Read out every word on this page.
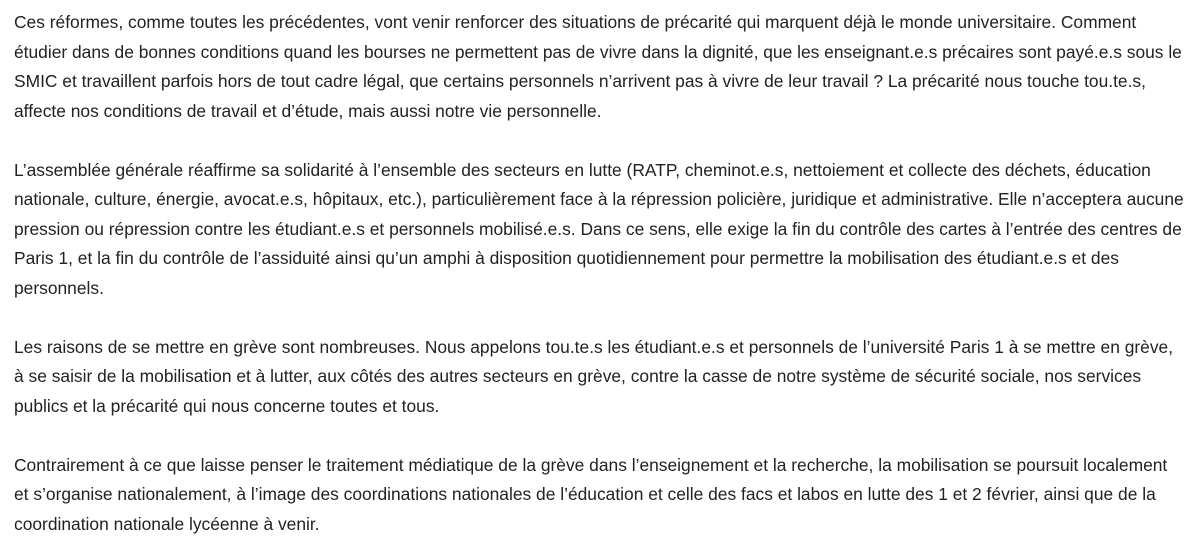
Ces réformes, comme toutes les précédentes, vont venir renforcer des situations de précarité qui marquent déjà le monde universitaire. Comment étudier dans de bonnes conditions quand les bourses ne permettent pas de vivre dans la dignité, que les enseignant.e.s précaires sont payé.e.s sous le SMIC et travaillent parfois hors de tout cadre légal, que certains personnels n’arrivent pas à vivre de leur travail ? La précarité nous touche tou.te.s, affecte nos conditions de travail et d’étude, mais aussi notre vie personnelle.

L’assemblée générale réaffirme sa solidarité à l’ensemble des secteurs en lutte (RATP, cheminot.e.s, nettoiement et collecte des déchets, éducation nationale, culture, énergie, avocat.e.s, hôpitaux, etc.), particulièrement face à la répression policière, juridique et administrative. Elle n’acceptera aucune pression ou répression contre les étudiant.e.s et personnels mobilisé.e.s. Dans ce sens, elle exige la fin du contrôle des cartes à l’entrée des centres de Paris 1, et la fin du contrôle de l’assiduité ainsi qu’un amphi à disposition quotidiennement pour permettre la mobilisation des étudiant.e.s et des personnels.

Les raisons de se mettre en grève sont nombreuses. Nous appelons tou.te.s les étudiant.e.s et personnels de l’université Paris 1 à se mettre en grève, à se saisir de la mobilisation et à lutter, aux côtés des autres secteurs en grève, contre la casse de notre système de sécurité sociale, nos services publics et la précarité qui nous concerne toutes et tous.

Contrairement à ce que laisse penser le traitement médiatique de la grève dans l’enseignement et la recherche, la mobilisation se poursuit localement et s’organise nationalement, à l’image des coordinations nationales de l’éducation et celle des facs et labos en lutte des 1 et 2 février, ainsi que de la coordination nationale lycéenne à venir.
